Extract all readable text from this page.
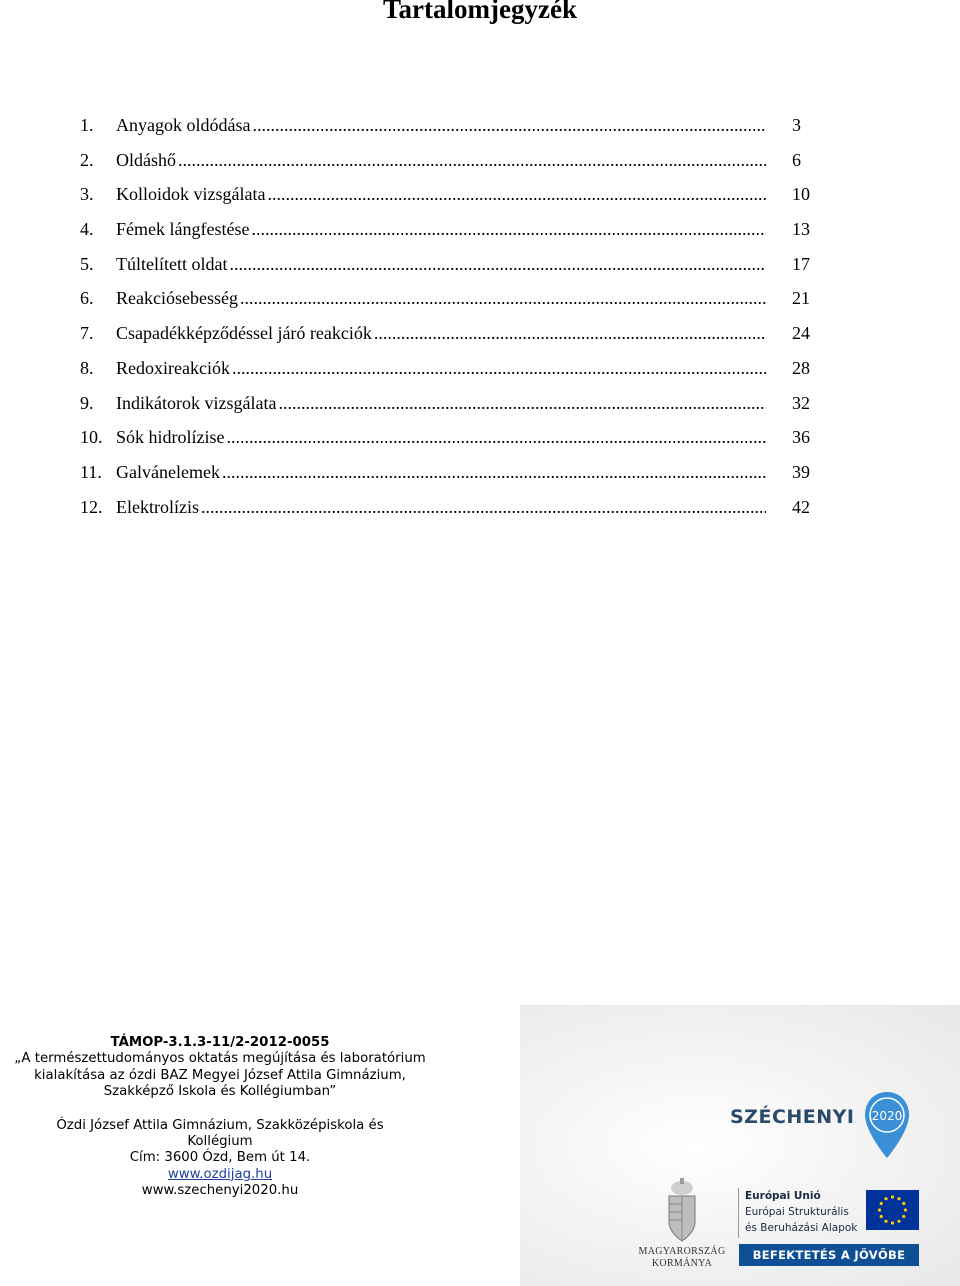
Tartalomjegyzék
1.	Anyagok oldódása .....	3
2.	Oldáshő .....	6
3.	Kolloidok vizsgálata .....	10
4.	Fémek lángfestése .....	13
5.	Túltelített oldat .....	17
6.	Reakciósebesség .....	21
7.	Csapadékképződéssel járó reakciók .....	24
8.	Redoxireakciók .....	28
9.	Indikátorok vizsgálata .....	32
10. Sók hidrolízise .....	36
11. Galvánelemek .....	39
12. Elektrolízis .....	42
TÁMOP-3.1.3-11/2-2012-0055
„A természettudományos oktatás megújítása és laboratórium
kialakítása az ózdi BAZ Megyei József Attila Gimnázium,
Szakképző Iskola és Kollégiumban”
Ózdi József Attila Gimnázium, Szakközépiskola és
Kollégium
Cím: 3600 Ózd, Bem út 14.
www.ozdijag.hu
www.szechenyi2020.hu
SZÉCHENYI 2020
MAGYARORSZÁG
KORMÁNYA
Európai Unió
Európai Strukturális
és Beruházási Alapok
BEFEKTETÉS A JÖVŐBE
